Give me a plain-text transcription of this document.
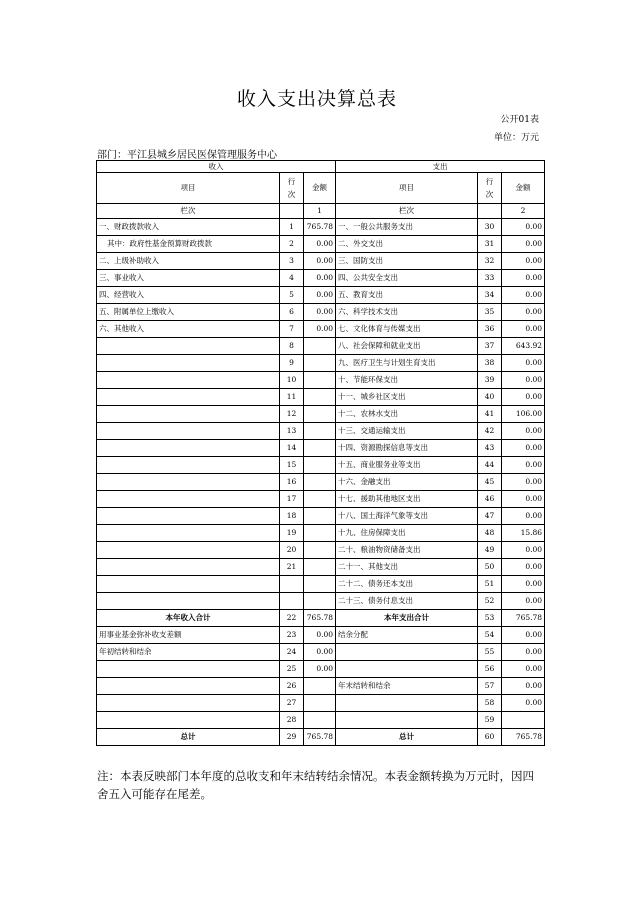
收入支出决算总表
公开01表
单位：万元
部门：平江县城乡居民医保管理服务中心
收入			支出		
项目	行次	金额	项目	行次	金额
栏次		1	栏次		2
一、财政拨款收入	1	765.78	一、一般公共服务支出	30	0.00
其中：政府性基金预算财政拨款	2	0.00	二、外交支出	31	0.00
二、上级补助收入	3	0.00	三、国防支出	32	0.00
三、事业收入	4	0.00	四、公共安全支出	33	0.00
四、经营收入	5	0.00	五、教育支出	34	0.00
五、附属单位上缴收入	6	0.00	六、科学技术支出	35	0.00
六、其他收入	7	0.00	七、文化体育与传媒支出	36	0.00
	8		八、社会保障和就业支出	37	643.92
	9		九、医疗卫生与计划生育支出	38	0.00
	10		十、节能环保支出	39	0.00
	11		十一、城乡社区支出	40	0.00
	12		十二、农林水支出	41	106.00
	13		十三、交通运输支出	42	0.00
	14		十四、资源勘探信息等支出	43	0.00
	15		十五、商业服务业等支出	44	0.00
	16		十六、金融支出	45	0.00
	17		十七、援助其他地区支出	46	0.00
	18		十八、国土海洋气象等支出	47	0.00
	19		十九、住房保障支出	48	15.86
	20		二十、粮油物资储备支出	49	0.00
	21		二十一、其他支出	50	0.00
			二十二、债务还本支出	51	0.00
			二十三、债务付息支出	52	0.00
本年收入合计	22	765.78	本年支出合计	53	765.78
用事业基金弥补收支差额	23	0.00	结余分配	54	0.00
年初结转和结余	24	0.00		55	0.00
	25	0.00		56	0.00
	26		年末结转和结余	57	0.00
	27			58	0.00
	28			59	
总计	29	765.78	总计	60	765.78
注：本表反映部门本年度的总收支和年末结转结余情况。本表金额转换为万元时，因四舍五入可能存在尾差。
